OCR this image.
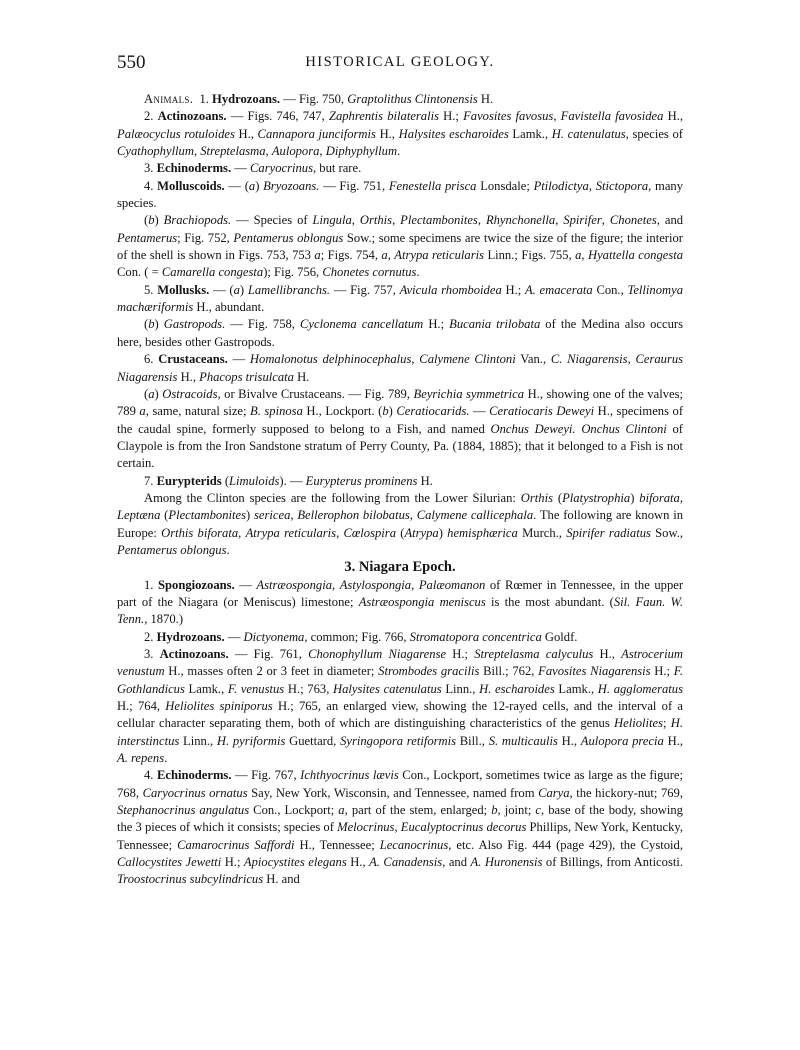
550	HISTORICAL GEOLOGY.

Animals.  1. Hydrozoans. — Fig. 750, Graptolithus Clintonensis H.

2. Actinozoans. — Figs. 746, 747, Zaphrentis bilateralis H.; Favosites favosus, Favistella favosidea H., Palæocyclus rotuloides H., Cannapora junciformis H., Halysites escharoides Lamk., H. catenulatus, species of Cyathophyllum, Streptelasma, Aulopora, Diphyphyllum.

3. Echinoderms. — Caryocrinus, but rare.

4. Molluscoids. — (a) Bryozoans. — Fig. 751, Fenestella prisca Lonsdale; Ptilodictya, Stictopora, many species.

(b) Brachiopods. — Species of Lingula, Orthis, Plectambonites, Rhynchonella, Spirifer, Chonetes, and Pentamerus; Fig. 752, Pentamerus oblongus Sow.; some specimens are twice the size of the figure; the interior of the shell is shown in Figs. 753, 753 a; Figs. 754, a, Atrypa reticularis Linn.; Figs. 755, a, Hyattella congesta Con. ( = Camarella congesta); Fig. 756, Chonetes cornutus.

5. Mollusks. — (a) Lamellibranchs. — Fig. 757, Avicula rhomboidea H.; A. emacerata Con., Tellinomya machæriformis H., abundant.

(b) Gastropods. — Fig. 758, Cyclonema cancellatum H.; Bucania trilobata of the Medina also occurs here, besides other Gastropods.

6. Crustaceans. — Homalonotus delphinocephalus, Calymene Clintoni Van., C. Niagarensis, Ceraurus Niagarensis H., Phacops trisulcata H.

(a) Ostracoids, or Bivalve Crustaceans. — Fig. 789, Beyrichia symmetrica H., showing one of the valves; 789 a, same, natural size; B. spinosa H., Lockport. (b) Ceratiocarids. — Ceratiocaris Deweyi H., specimens of the caudal spine, formerly supposed to belong to a Fish, and named Onchus Deweyi. Onchus Clintoni of Claypole is from the Iron Sandstone stratum of Perry County, Pa. (1884, 1885); that it belonged to a Fish is not certain.

7. Eurypterids (Limuloids). — Eurypterus prominens H.

Among the Clinton species are the following from the Lower Silurian: Orthis (Platystrophia) biforata, Leptæna (Plectambonites) sericea, Bellerophon bilobatus, Calymene callicephala. The following are known in Europe: Orthis biforata, Atrypa reticularis, Cœlospira (Atrypa) hemisphærica Murch., Spirifer radiatus Sow., Pentamerus oblongus.

3. Niagara Epoch.

1. Spongiozoans. — Astræospongia, Astylospongia, Palæomanon of Rœmer in Tennessee, in the upper part of the Niagara (or Meniscus) limestone; Astræospongia meniscus is the most abundant. (Sil. Faun. W. Tenn., 1870.)

2. Hydrozoans. — Dictyonema, common; Fig. 766, Stromatopora concentrica Goldf.

3. Actinozoans. — Fig. 761, Chonophyllum Niagarense H.; Streptelasma calyculus H., Astrocerium venustum H., masses often 2 or 3 feet in diameter; Strombodes gracilis Bill.; 762, Favosites Niagarensis H.; F. Gothlandicus Lamk., F. venustus H.; 763, Halysites catenulatus Linn., H. escharoides Lamk., H. agglomeratus H.; 764, Heliolites spiniporus H.; 765, an enlarged view, showing the 12-rayed cells, and the interval of a cellular character separating them, both of which are distinguishing characteristics of the genus Heliolites; H. interstinctus Linn., H. pyriformis Guettard, Syringopora retiformis Bill., S. multicaulis H., Aulopora precia H., A. repens.

4. Echinoderms. — Fig. 767, Ichthyocrinus lævis Con., Lockport, sometimes twice as large as the figure; 768, Caryocrinus ornatus Say, New York, Wisconsin, and Tennessee, named from Carya, the hickory-nut; 769, Stephanocrinus angulatus Con., Lockport; a, part of the stem, enlarged; b, joint; c, base of the body, showing the 3 pieces of which it consists; species of Melocrinus, Eucalyptocrinus decorus Phillips, New York, Kentucky, Tennessee; Camarocrinus Saffordi H., Tennessee; Lecanocrinus, etc. Also Fig. 444 (page 429), the Cystoid, Callocystites Jewetti H.; Apiocystites elegans H., A. Canadensis, and A. Huronensis of Billings, from Anticosti. Troostocrinus subcylindricus H. and
